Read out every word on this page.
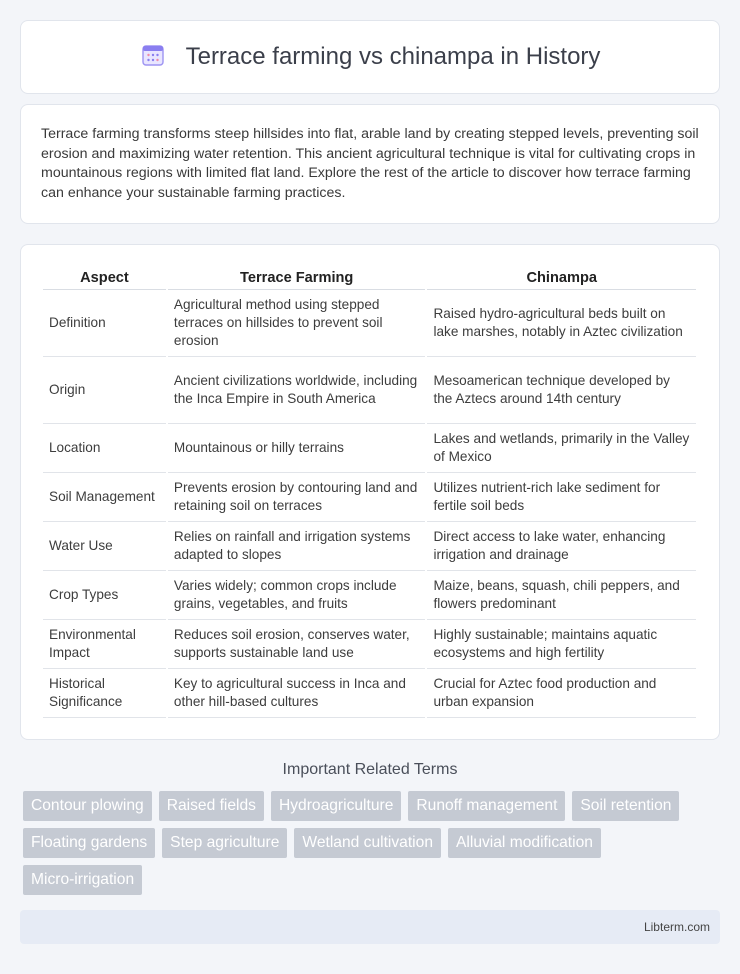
Terrace farming vs chinampa in History

Terrace farming transforms steep hillsides into flat, arable land by creating stepped levels, preventing soil erosion and maximizing water retention. This ancient agricultural technique is vital for cultivating crops in mountainous regions with limited flat land. Explore the rest of the article to discover how terrace farming can enhance your sustainable farming practices.

Aspect	Terrace Farming	Chinampa
Definition	Agricultural method using stepped terraces on hillsides to prevent soil erosion	Raised hydro-agricultural beds built on lake marshes, notably in Aztec civilization
Origin	Ancient civilizations worldwide, including the Inca Empire in South America	Mesoamerican technique developed by the Aztecs around 14th century
Location	Mountainous or hilly terrains	Lakes and wetlands, primarily in the Valley of Mexico
Soil Management	Prevents erosion by contouring land and retaining soil on terraces	Utilizes nutrient-rich lake sediment for fertile soil beds
Water Use	Relies on rainfall and irrigation systems adapted to slopes	Direct access to lake water, enhancing irrigation and drainage
Crop Types	Varies widely; common crops include grains, vegetables, and fruits	Maize, beans, squash, chili peppers, and flowers predominant
Environmental Impact	Reduces soil erosion, conserves water, supports sustainable land use	Highly sustainable; maintains aquatic ecosystems and high fertility
Historical Significance	Key to agricultural success in Inca and other hill-based cultures	Crucial for Aztec food production and urban expansion
Important Related Terms
Contour plowing	Raised fields	Hydroagriculture	Runoff management	Soil retention
Floating gardens	Step agriculture	Wetland cultivation	Alluvial modification
Micro-irrigation
Libterm.com
